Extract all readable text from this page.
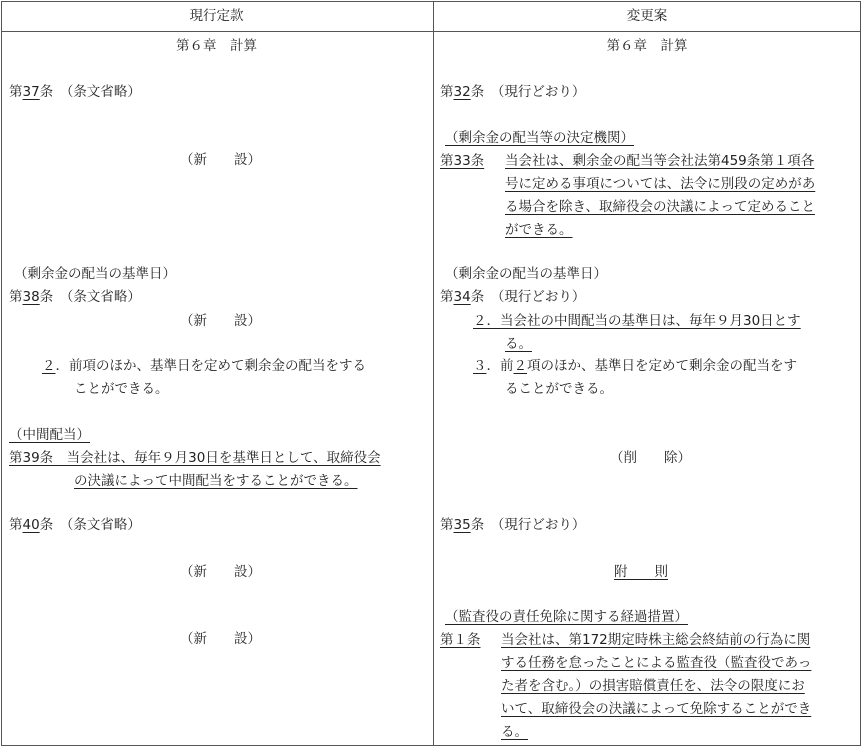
現行定款	変更案
第６章　計算	第６章　計算
第37条　（条文省略）
（新　　設）
（剰余金の配当の基準日）
第38条　（条文省略）
（新　　設）
２．前項のほか、基準日を定めて剰余金の配当をする
ことができる。
（中間配当）
第39条　当会社は、毎年９月30日を基準日として、取締役会
の決議によって中間配当をすることができる。
第40条　（条文省略）
（新　　設）
（新　　設）
第32条　（現行どおり）
（剰余金の配当等の決定機関）
第33条 当会社は、剰余金の配当等会社法第459条第１項各
号に定める事項については、法令に別段の定めがあ
る場合を除き、取締役会の決議によって定めること
ができる。
（剰余金の配当の基準日）
第34条　（現行どおり）
２．当会社の中間配当の基準日は、毎年９月30日とす
る。
３．前２項のほか、基準日を定めて剰余金の配当をす
ることができる。
（削　　除）
第35条　（現行どおり）
附　　則
（監査役の責任免除に関する経過措置）
第１条 当会社は、第172期定時株主総会終結前の行為に関
する任務を怠ったことによる監査役（監査役であっ
た者を含む。）の損害賠償責任を、法令の限度にお
いて、取締役会の決議によって免除することができ
る。
